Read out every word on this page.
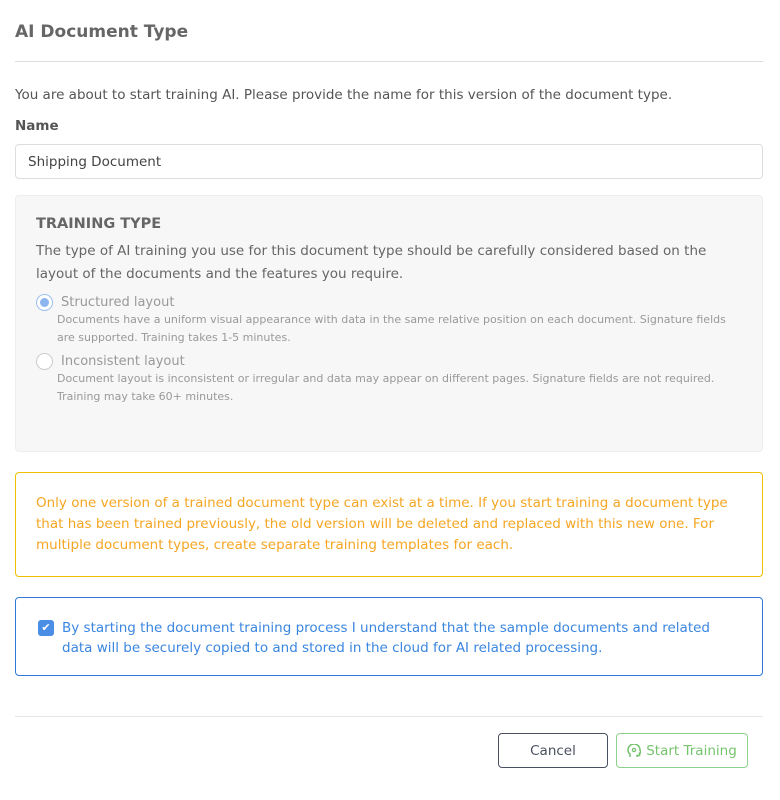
AI Document Type
You are about to start training AI. Please provide the name for this version of the document type.
Name
Shipping Document
TRAINING TYPE
The type of AI training you use for this document type should be carefully considered based on the layout of the documents and the features you require.
Structured layout
Documents have a uniform visual appearance with data in the same relative position on each document. Signature fields are supported. Training takes 1-5 minutes.
Inconsistent layout
Document layout is inconsistent or irregular and data may appear on different pages. Signature fields are not required. Training may take 60+ minutes.
Only one version of a trained document type can exist at a time. If you start training a document type that has been trained previously, the old version will be deleted and replaced with this new one. For multiple document types, create separate training templates for each.
✔ By starting the document training process I understand that the sample documents and related data will be securely copied to and stored in the cloud for AI related processing.
Cancel	Start Training
